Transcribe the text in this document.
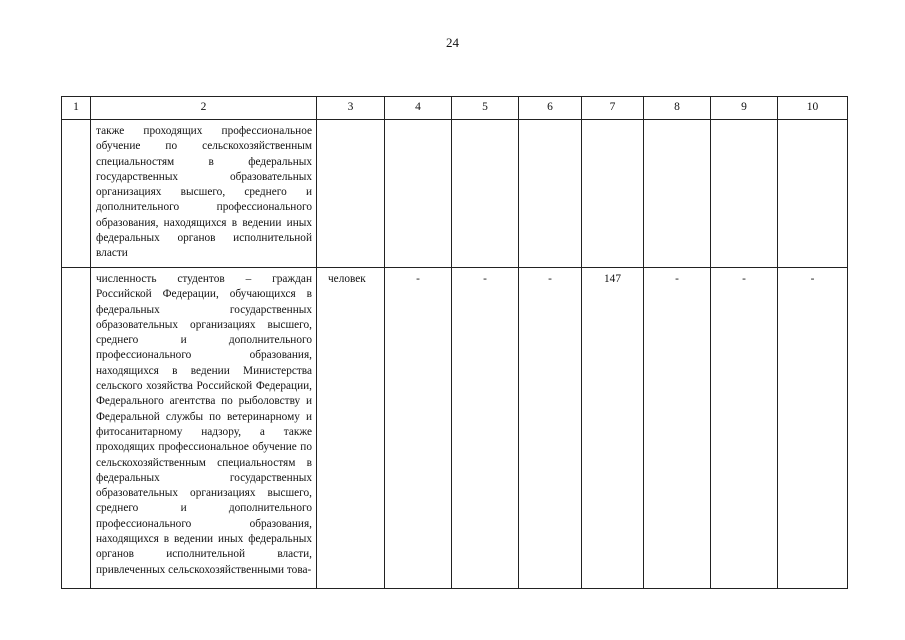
24
1	2	3	4	5	6	7	8	9	10

	также проходящих профессиональное обучение по сельскохозяйственным специальностям в федеральных государственных образовательных организациях высшего, среднего и дополнительного профессионального образования, находящихся в ведении иных федеральных органов исполнительной власти								

	численность студентов – граждан Российской Федерации, обучающихся в федеральных государственных образовательных организациях высшего, среднего и дополнительного профессионального образования, находящихся в ведении Министерства сельского хозяйства Российской Федерации, Федерального агентства по рыболовству и Федеральной службы по ветеринарному и фитосанитарному надзору, а также проходящих профессиональное обучение по сельскохозяйственным специальностям в федеральных государственных образовательных организациях высшего, среднего и дополнительного профессионального образования, находящихся в ведении иных федеральных органов исполнительной власти, привлеченных сельскохозяйственными това-	человек	-	-	-	147	-	-	-
